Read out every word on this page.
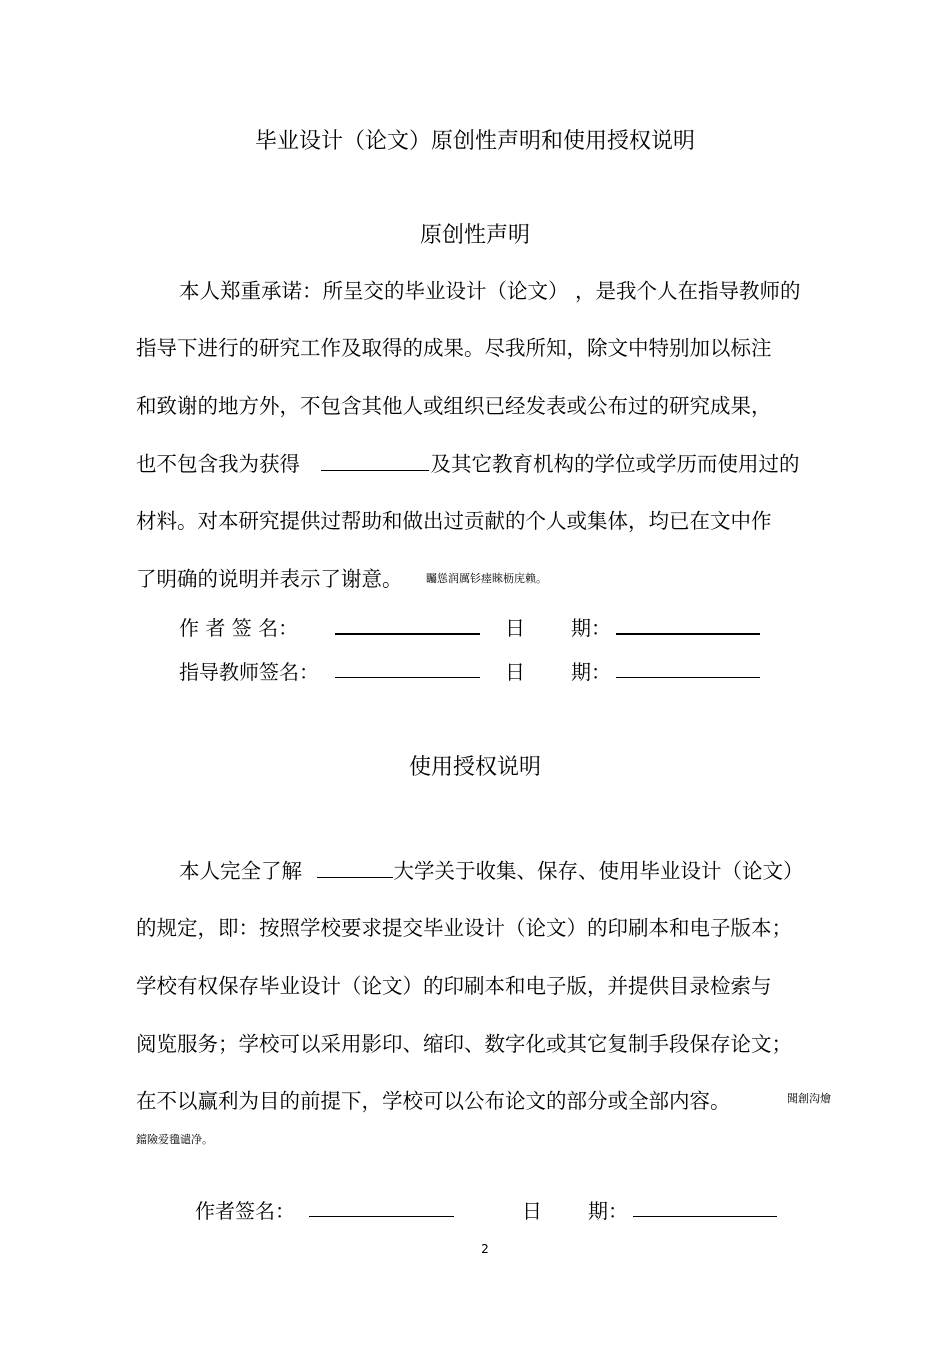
毕业设计（论文）原创性声明和使用授权说明
原创性声明
本人郑重承诺：所呈交的毕业设计（论文） ，是我个人在指导教师的
指导下进行的研究工作及取得的成果。尽我所知，除文中特别加以标注
和致谢的地方外，不包含其他人或组织已经发表或公布过的研究成果，
也不包含我为获得	及其它教育机构的学位或学历而使用过的
材料。对本研究提供过帮助和做出过贡献的个人或集体，均已在文中作
了明确的说明并表示了谢意。 矚慫润厲钐瘗睞枥庑赖。
作 者 签 名：	日 期：
指导教师签名：	日 期：
使用授权说明
本人完全了解	大学关于收集、保存、使用毕业设计（论文）
的规定，即：按照学校要求提交毕业设计（论文）的印刷本和电子版本；
学校有权保存毕业设计（论文）的印刷本和电子版，并提供目录检索与
阅览服务；学校可以采用影印、缩印、数字化或其它复制手段保存论文；
在不以赢利为目的前提下，学校可以公布论文的部分或全部内容。	聞創沟燴
鐺險爱氇谴净。
作者签名：	日 期：
2
